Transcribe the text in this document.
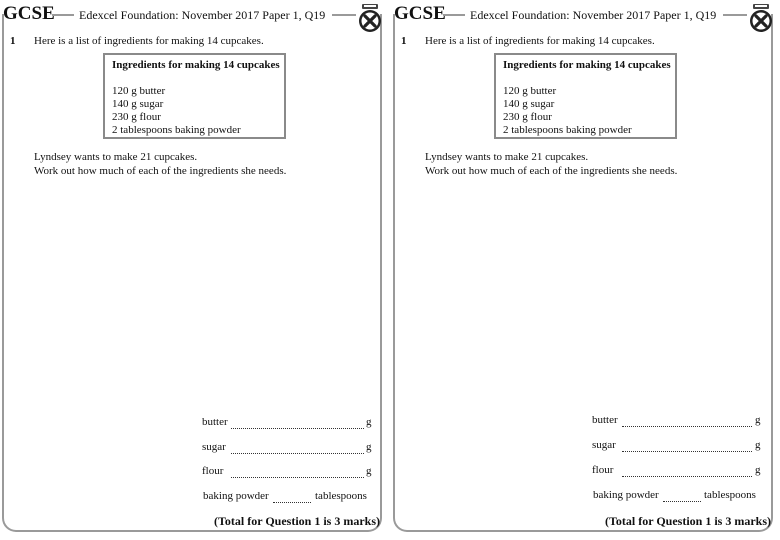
GCSE Edexcel Foundation: November 2017 Paper 1, Q19
1 Here is a list of ingredients for making 14 cupcakes.
Ingredients for making 14 cupcakes
120 g butter
140 g sugar
230 g flour
2 tablespoons baking powder
Lyndsey wants to make 21 cupcakes.
Work out how much of each of the ingredients she needs.
butter	g
sugar	g
flour	g
baking powder	tablespoons
(Total for Question 1 is 3 marks)
GCSE Edexcel Foundation: November 2017 Paper 1, Q19
1 Here is a list of ingredients for making 14 cupcakes.
Ingredients for making 14 cupcakes
120 g butter
140 g sugar
230 g flour
2 tablespoons baking powder
Lyndsey wants to make 21 cupcakes.
Work out how much of each of the ingredients she needs.
butter	g
sugar	g
flour	g
baking powder	tablespoons
(Total for Question 1 is 3 marks)
